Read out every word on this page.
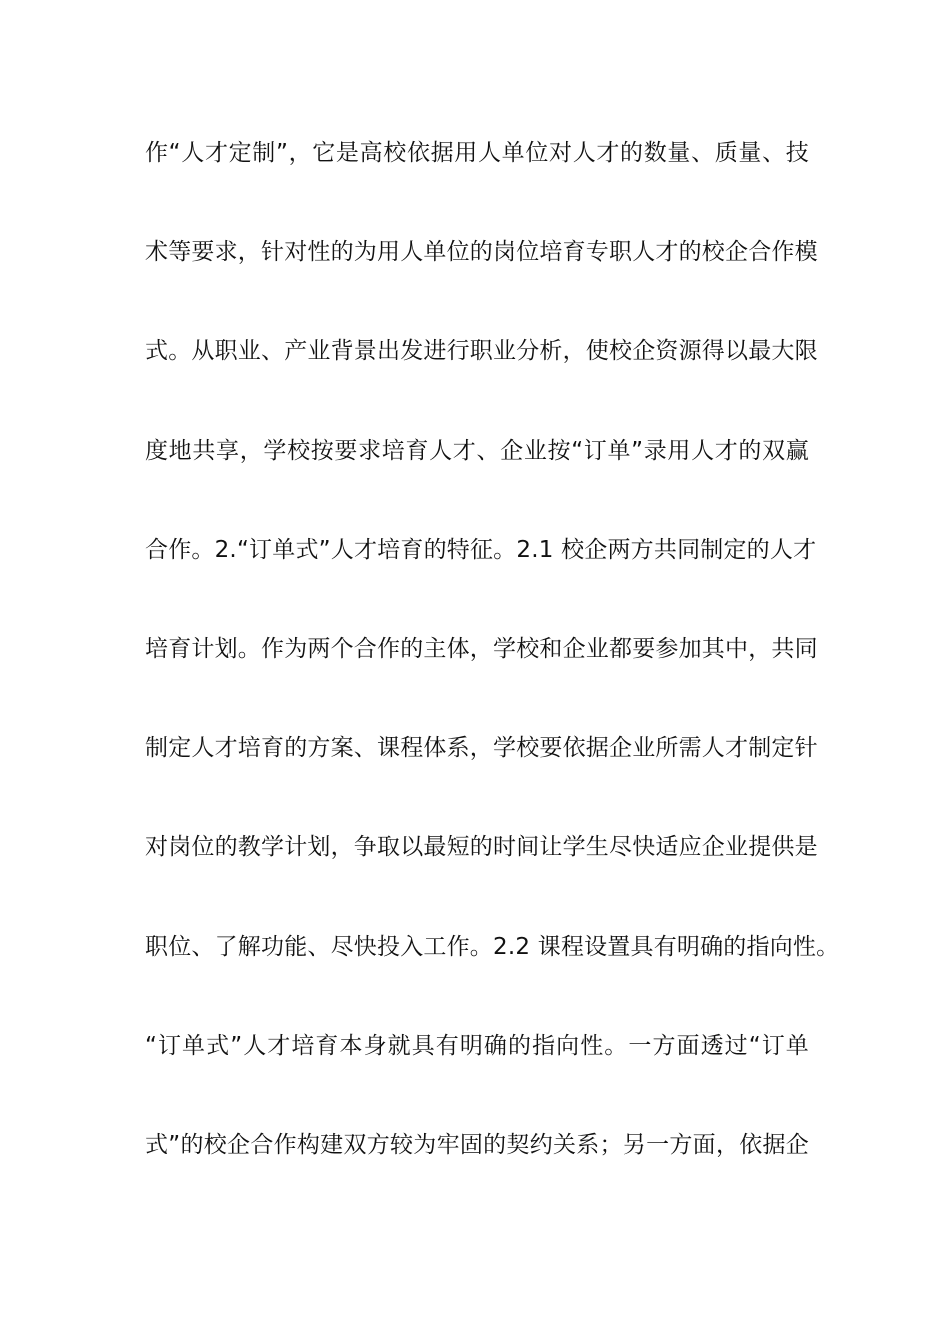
作“人才定制”，它是高校依据用人单位对人才的数量、质量、技
术等要求，针对性的为用人单位的岗位培育专职人才的校企合作模
式。从职业、产业背景出发进行职业分析，使校企资源得以最大限
度地共享，学校按要求培育人才、企业按“订单”录用人才的双赢
合作。2.“订单式”人才培育的特征。2.1 校企两方共同制定的人才
培育计划。作为两个合作的主体，学校和企业都要参加其中，共同
制定人才培育的方案、课程体系，学校要依据企业所需人才制定针
对岗位的教学计划，争取以最短的时间让学生尽快适应企业提供是
职位、了解功能、尽快投入工作。2.2 课程设置具有明确的指向性。
“订单式”人才培育本身就具有明确的指向性。一方面透过“订单
式”的校企合作构建双方较为牢固的契约关系；另一方面，依据企
